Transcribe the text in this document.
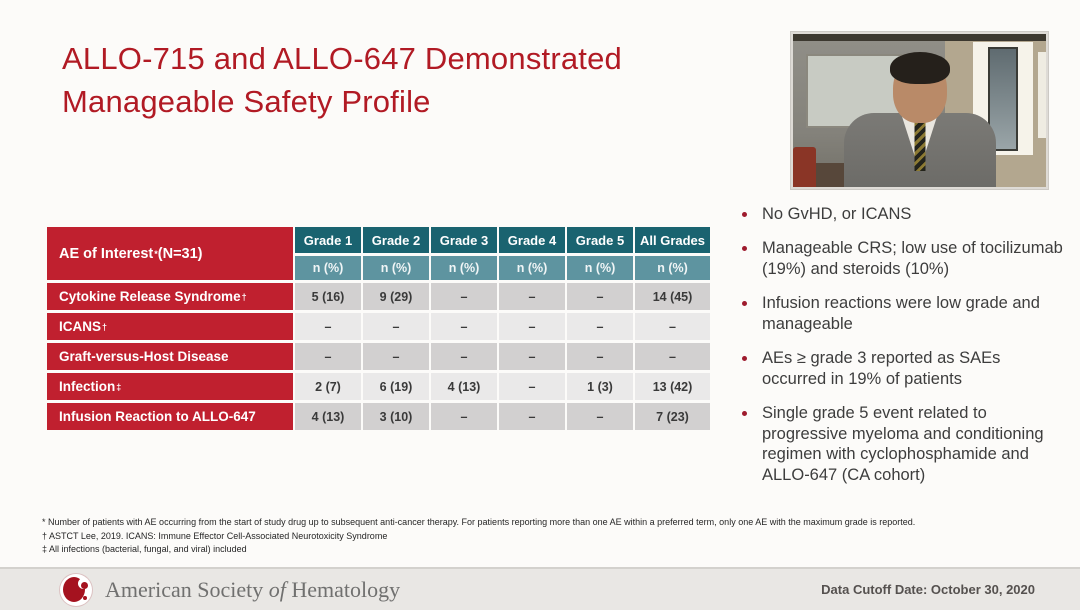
ALLO-715 and ALLO-647 Demonstrated
Manageable Safety Profile
AE of Interest * (N=31)
Grade 1	Grade 2	Grade 3	Grade 4	Grade 5	All Grades
n (%)	n (%)	n (%)	n (%)	n (%)	n (%)
Cytokine Release Syndrome †	5 (16)	9 (29)	–	–	–	14 (45)
ICANS †	–	–	–	–	–	–
Graft-versus-Host Disease	–	–	–	–	–	–
Infection ‡	2 (7)	6 (19)	4 (13)	–	1 (3)	13 (42)
Infusion Reaction to ALLO-647	4 (13)	3 (10)	–	–	–	7 (23)
No GvHD, or ICANS
Manageable CRS; low use of tocilizumab (19%) and steroids (10%)
Infusion reactions were low grade and manageable
AEs ≥ grade 3 reported as SAEs occurred in 19% of patients
Single grade 5 event related to progressive myeloma and conditioning regimen with cyclophosphamide and ALLO-647 (CA cohort)
* Number of patients with AE occurring from the start of study drug up to subsequent anti-cancer therapy. For patients reporting more than one AE within a preferred term, only one AE with the maximum grade is reported.
† ASTCT Lee, 2019. ICANS: Immune Effector Cell-Associated Neurotoxicity Syndrome
‡ All infections (bacterial, fungal, and viral) included
American Society of Hematology	Data Cutoff Date: October 30, 2020
